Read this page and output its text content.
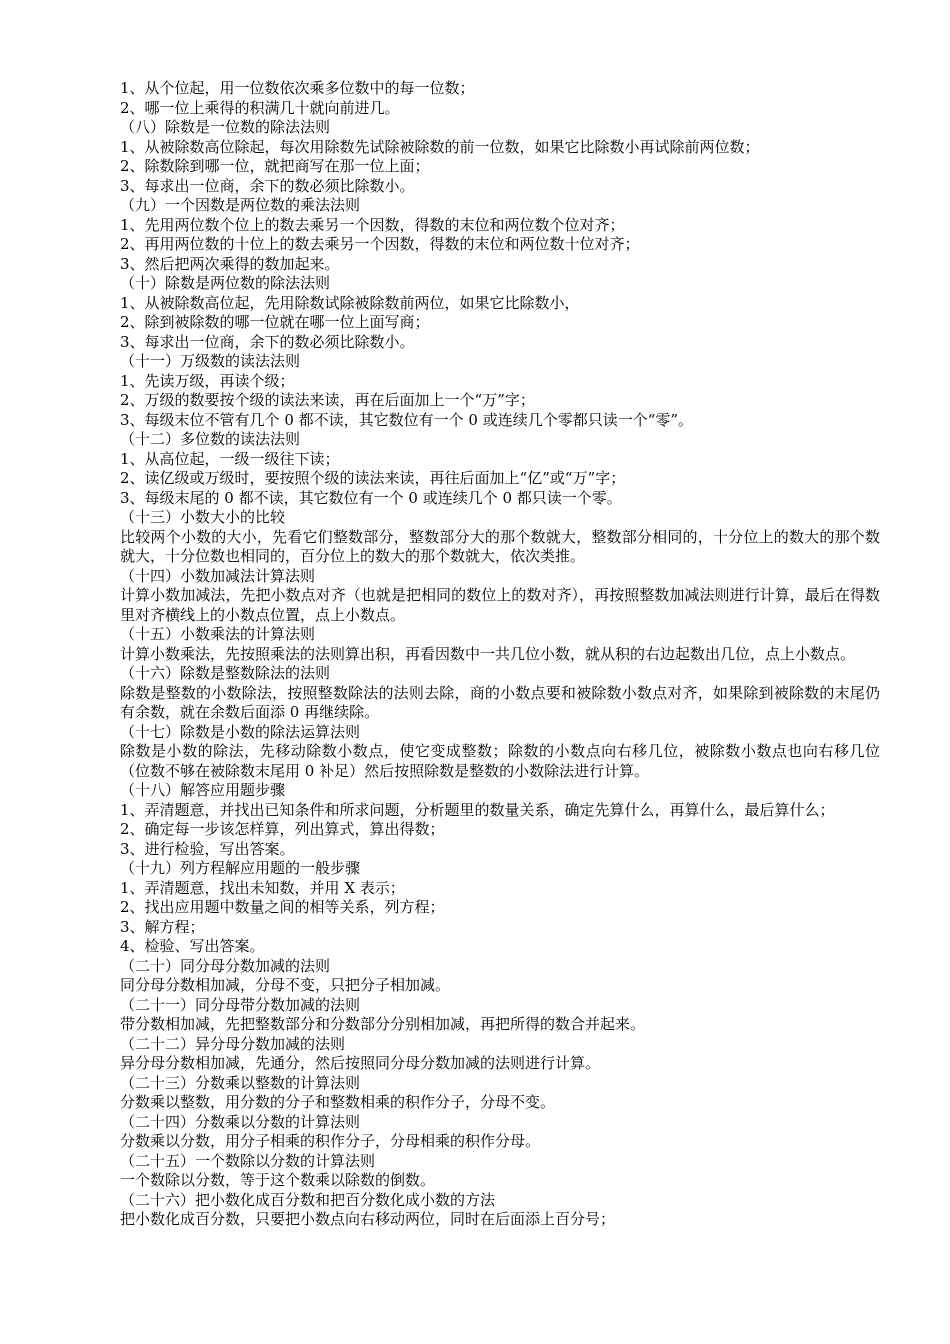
1、从个位起，用一位数依次乘多位数中的每一位数；

2、哪一位上乘得的积满几十就向前进几。

（八）除数是一位数的除法法则

1、从被除数高位除起，每次用除数先试除被除数的前一位数，如果它比除数小再试除前两位数；

2、除数除到哪一位，就把商写在那一位上面；

3、每求出一位商，余下的数必须比除数小。

（九）一个因数是两位数的乘法法则

1、先用两位数个位上的数去乘另一个因数，得数的末位和两位数个位对齐；

2、再用两位数的十位上的数去乘另一个因数，得数的末位和两位数十位对齐；

3、然后把两次乘得的数加起来。

（十）除数是两位数的除法法则

1、从被除数高位起，先用除数试除被除数前两位，如果它比除数小，

2、除到被除数的哪一位就在哪一位上面写商；

3、每求出一位商，余下的数必须比除数小。

（十一）万级数的读法法则

1、先读万级，再读个级；

2、万级的数要按个级的读法来读，再在后面加上一个“万”字；

3、每级末位不管有几个 0 都不读，其它数位有一个 0 或连续几个零都只读一个“零”。

（十二）多位数的读法法则

1、从高位起，一级一级往下读；

2、读亿级或万级时，要按照个级的读法来读，再往后面加上“亿”或“万”字；

3、每级末尾的 0 都不读，其它数位有一个 0 或连续几个 0 都只读一个零。

（十三）小数大小的比较

比较两个小数的大小，先看它们整数部分，整数部分大的那个数就大，整数部分相同的，十分位上的数大的那个数就大，十分位数也相同的，百分位上的数大的那个数就大，依次类推。

（十四）小数加减法计算法则

计算小数加减法，先把小数点对齐（也就是把相同的数位上的数对齐），再按照整数加减法则进行计算，最后在得数里对齐横线上的小数点位置，点上小数点。

（十五）小数乘法的计算法则

计算小数乘法，先按照乘法的法则算出积，再看因数中一共几位小数，就从积的右边起数出几位，点上小数点。

（十六）除数是整数除法的法则

除数是整数的小数除法，按照整数除法的法则去除，商的小数点要和被除数小数点对齐，如果除到被除数的末尾仍有余数，就在余数后面添 0 再继续除。

（十七）除数是小数的除法运算法则

除数是小数的除法，先移动除数小数点，使它变成整数；除数的小数点向右移几位，被除数小数点也向右移几位（位数不够在被除数末尾用 0 补足）然后按照除数是整数的小数除法进行计算。

（十八）解答应用题步骤

1、弄清题意，并找出已知条件和所求问题，分析题里的数量关系，确定先算什么，再算什么，最后算什么；

2、确定每一步该怎样算，列出算式，算出得数；

3、进行检验，写出答案。

（十九）列方程解应用题的一般步骤

1、弄清题意，找出未知数，并用 X 表示；

2、找出应用题中数量之间的相等关系，列方程；

3、解方程；

4、检验、写出答案。

（二十）同分母分数加减的法则

同分母分数相加减，分母不变，只把分子相加减。

（二十一）同分母带分数加减的法则

带分数相加减，先把整数部分和分数部分分别相加减，再把所得的数合并起来。

（二十二）异分母分数加减的法则

异分母分数相加减，先通分，然后按照同分母分数加减的法则进行计算。

（二十三）分数乘以整数的计算法则

分数乘以整数，用分数的分子和整数相乘的积作分子，分母不变。

（二十四）分数乘以分数的计算法则

分数乘以分数，用分子相乘的积作分子，分母相乘的积作分母。

（二十五）一个数除以分数的计算法则

一个数除以分数，等于这个数乘以除数的倒数。

（二十六）把小数化成百分数和把百分数化成小数的方法

把小数化成百分数，只要把小数点向右移动两位，同时在后面添上百分号；
